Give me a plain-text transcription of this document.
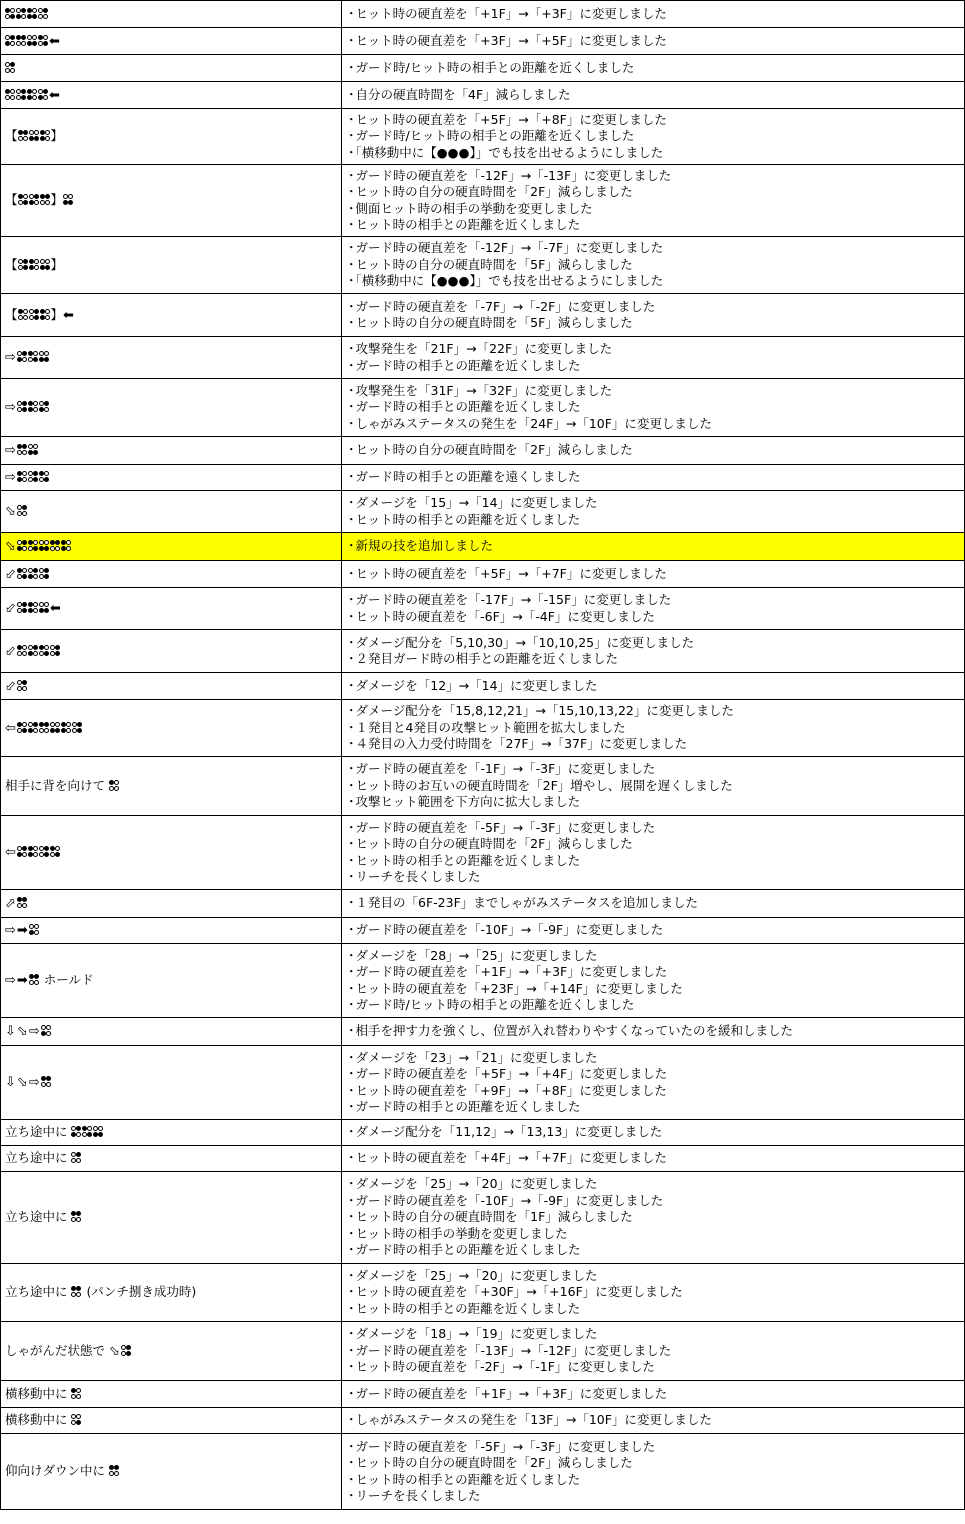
	・ ヒット時の硬直差を「+1F」→「+3F」に変更しました

⬅	・ ヒット時の硬直差を「+3F」→「+5F」に変更しました

	・ ガード時/ヒット時の相手との距離を近くしました

⬅	・ 自分の硬直時間を「4F」減らしました

【 】	・ ヒット時の硬直差を「+5F」→「+8F」に変更しました
・ ガード時/ヒット時の相手との距離を近くしました
・ 「横移動中に【●●●】」でも技を出せるようにしました

【 】	・ ガード時の硬直差を「-12F」→「-13F」に変更しました
・ ヒット時の自分の硬直時間を「2F」減らしました
・ 側面ヒット時の相手の挙動を変更しました
・ ヒット時の相手との距離を近くしました

【 】	・ ガード時の硬直差を「-12F」→「-7F」に変更しました
・ ヒット時の自分の硬直時間を「5F」減らしました
・ 「横移動中に【●●●】」でも技を出せるようにしました

【 】⬅	・ ガード時の硬直差を「-7F」→「-2F」に変更しました
・ ヒット時の自分の硬直時間を「5F」減らしました

⇨	・ 攻撃発生を「21F」→「22F」に変更しました
・ ガード時の相手との距離を近くしました

⇨	・ 攻撃発生を「31F」→「32F」に変更しました
・ ガード時の相手との距離を近くしました
・ しゃがみステータスの発生を「24F」→「10F」に変更しました

⇨	・ ヒット時の自分の硬直時間を「2F」減らしました

⇨	・ ガード時の相手との距離を遠くしました

⬂	・ ダメージを「15」→「14」に変更しました
・ ヒット時の相手との距離を近くしました

⬂	・ 新規の技を追加しました

⬃	・ ヒット時の硬直差を「+5F」→「+7F」に変更しました

⬃ ⬅	・ ガード時の硬直差を「-17F」→「-15F」に変更しました
・ ヒット時の硬直差を「-6F」→「-4F」に変更しました

⬃	・ ダメージ配分を「5,10,30」→「10,10,25」に変更しました
・ ２発目ガード時の相手との距離を近くしました

⬃	・ ダメージを「12」→「14」に変更しました

⇦	・ ダメージ配分を「15,8,12,21」→「15,10,13,22」に変更しました
・ １発目と4発目の攻撃ヒット範囲を拡大しました
・ ４発目の入力受付時間を「27F」→「37F」に変更しました

相手に背を向けて	・ ガード時の硬直差を「-1F」→「-3F」に変更しました
・ ヒット時のお互いの硬直時間を「2F」増やし、展開を遅くしました
・ 攻撃ヒット範囲を下方向に拡大しました

⇦	・ ガード時の硬直差を「-5F」→「-3F」に変更しました
・ ヒット時の自分の硬直時間を「2F」減らしました
・ ヒット時の相手との距離を近くしました
・ リーチを長くしました

⬀	・ １発目の「6F-23F」までしゃがみステータスを追加しました

⇨➡	・ ガード時の硬直差を「-10F」→「-9F」に変更しました

⇨➡
ホールド	・ ダメージを「28」→「25」に変更しました
・ ガード時の硬直差を「+1F」→「+3F」に変更しました
・ ヒット時の硬直差を「+23F」→「+14F」に変更しました
・ ガード時/ヒット時の相手との距離を近くしました

⇩⬂⇨	・ 相手を押す力を強くし、位置が入れ替わりやすくなっていたのを緩和しました

⇩⬂⇨	・ ダメージを「23」→「21」に変更しました
・ ガード時の硬直差を「+5F」→「+4F」に変更しました
・ ヒット時の硬直差を「+9F」→「+8F」に変更しました
・ ガード時の相手との距離を近くしました

立ち途中に	・ ダメージ配分を「11,12」→「13,13」に変更しました

立ち途中に	・ ヒット時の硬直差を「+4F」→「+7F」に変更しました

立ち途中に	・ ダメージを「25」→「20」に変更しました
・ ガード時の硬直差を「-10F」→「-9F」に変更しました
・ ヒット時の自分の硬直時間を「1F」減らしました
・ ヒット時の相手の挙動を変更しました
・ ガード時の相手との距離を近くしました

立ち途中に
(パンチ捌き成功時)	・ ダメージを「25」→「20」に変更しました
・ ヒット時の硬直差を「+30F」→「+16F」に変更しました
・ ヒット時の相手との距離を近くしました

しゃがんだ状態で ⬂	・ ダメージを「18」→「19」に変更しました
・ ガード時の硬直差を「-13F」→「-12F」に変更しました
・ ヒット時の硬直差を「-2F」→「-1F」に変更しました

横移動中に	・ ガード時の硬直差を「+1F」→「+3F」に変更しました

横移動中に	・ しゃがみステータスの発生を「13F」→「10F」に変更しました

仰向けダウン中に	・ ガード時の硬直差を「-5F」→「-3F」に変更しました
・ ヒット時の自分の硬直時間を「2F」減らしました
・ ヒット時の相手との距離を近くしました
・ リーチを長くしました
